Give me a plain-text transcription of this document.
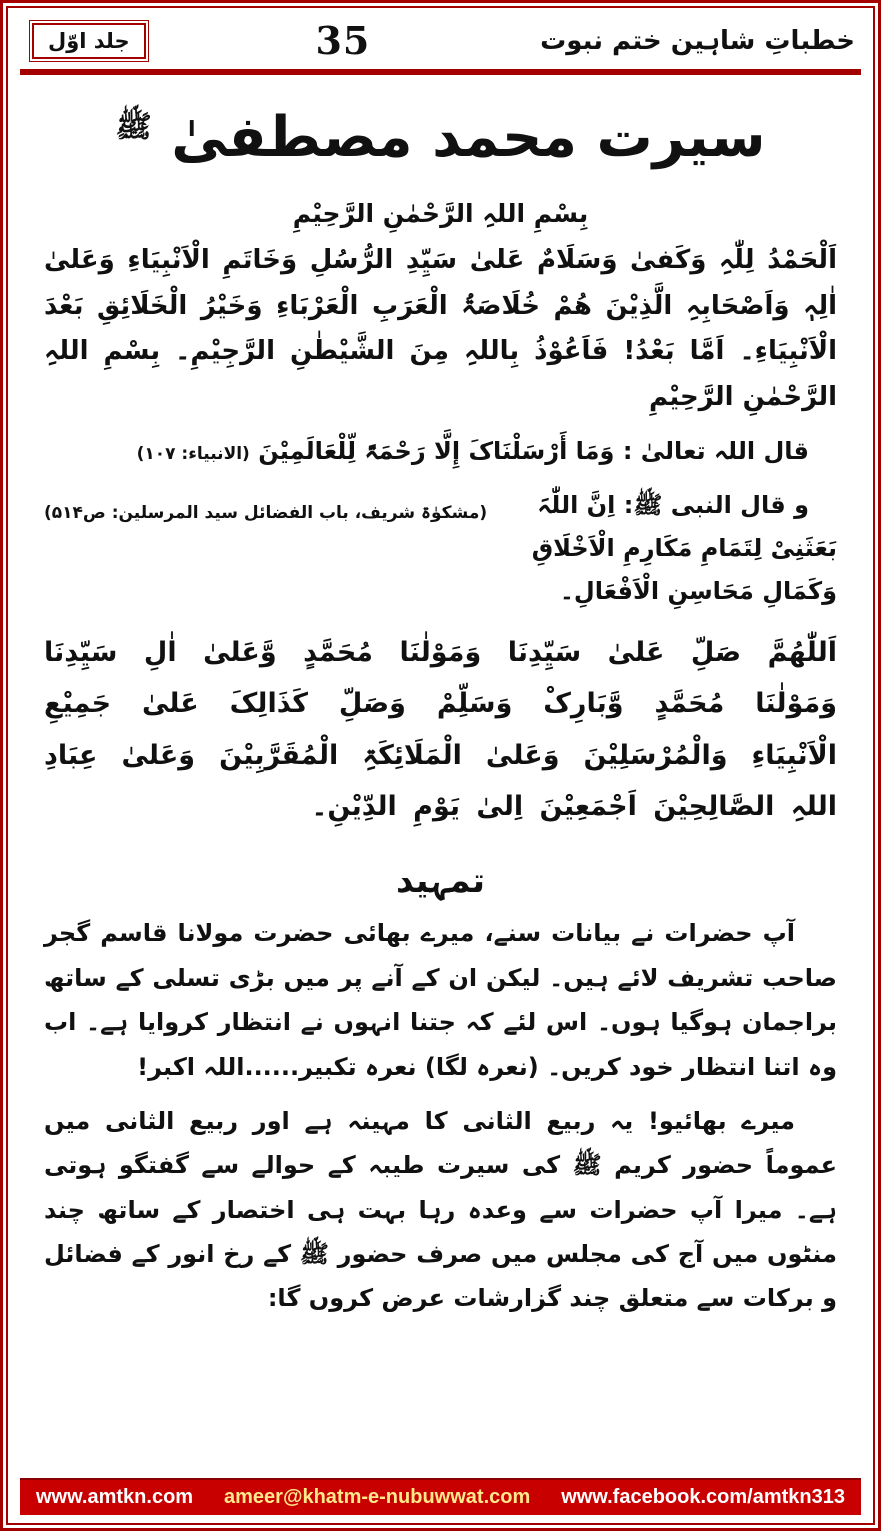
خطباتِ شاہین ختم نبوت
35
جلد اوّل
سیرت محمد مصطفیٰ $^ﷺ$
بِسْمِ اللہِ الرَّحْمٰنِ الرَّحِیْمِ

اَلْحَمْدُ لِلّٰہِ وَکَفیٰ وَسَلَامٌ عَلیٰ سَیِّدِ الرُّسُلِ وَخَاتَمِ الْاَنْبِیَاءِ وَعَلیٰ اٰلِہٖ وَاَصْحَابِہِ الَّذِیْنَ ھُمْ خُلَاصَۃُ الْعَرَبِ الْعَرْبَاءِ وَخَیْرُ الْخَلَائِقِ بَعْدَ الْاَنْبِیَاءِ۔ اَمَّا بَعْدُ! فَاَعُوْذُ بِاللہِ مِنَ الشَّیْطٰنِ الرَّجِیْمِ۔ بِسْمِ اللہِ الرَّحْمٰنِ الرَّحِیْمِ

قال اللہ تعالیٰ : وَمَا أَرْسَلْنَاکَ إِلَّا رَحْمَۃً لِّلْعَالَمِیْنَ (الانبیاء: ۱۰۷)

(مشکوٰۃ شریف، باب الفضائل سید المرسلین: ص۵۱۴)	و قال النبی ﷺ: اِنَّ اللّٰہَ بَعَثَنِیْ لِتَمَامِ مَکَارِمِ الْاَخْلَاقِ وَکَمَالِ مَحَاسِنِ الْاَفْعَالِ۔

اَللّٰھُمَّ صَلِّ عَلیٰ سَیِّدِنَا وَمَوْلٰنَا مُحَمَّدٍ وَّعَلیٰ اٰلِ سَیِّدِنَا وَمَوْلٰنَا مُحَمَّدٍ وَّبَارِکْ وَسَلِّمْ وَصَلِّ کَذَالِکَ عَلیٰ جَمِیْعِ الْاَنْبِیَاءِ وَالْمُرْسَلِیْنَ وَعَلیٰ الْمَلَائِکَۃِ الْمُقَرَّبِیْنَ وَعَلیٰ عِبَادِ اللہِ الصَّالِحِیْنَ اَجْمَعِیْنَ اِلیٰ یَوْمِ الدِّیْنِ۔

تمہید

آپ حضرات نے بیانات سنے، میرے بھائی حضرت مولانا قاسم گجر صاحب تشریف لائے ہیں۔ لیکن ان کے آنے پر میں بڑی تسلی کے ساتھ براجمان ہوگیا ہوں۔ اس لئے کہ جتنا انہوں نے انتظار کروایا ہے۔ اب وہ اتنا انتظار خود کریں۔ (نعرہ لگا) نعرہ تکبیر......اللہ اکبر!

میرے بھائیو! یہ ربیع الثانی کا مہینہ ہے اور ربیع الثانی میں عموماً حضور کریم ﷺ کی سیرت طیبہ کے حوالے سے گفتگو ہوتی ہے۔ میرا آپ حضرات سے وعدہ رہا بہت ہی اختصار کے ساتھ چند منٹوں میں آج کی مجلس میں صرف حضور ﷺ کے رخ انور کے فضائل و برکات سے متعلق چند گزارشات عرض کروں گا:

www.amtkn.com ameer@khatm-e-nubuwwat.com www.facebook.com/amtkn313
